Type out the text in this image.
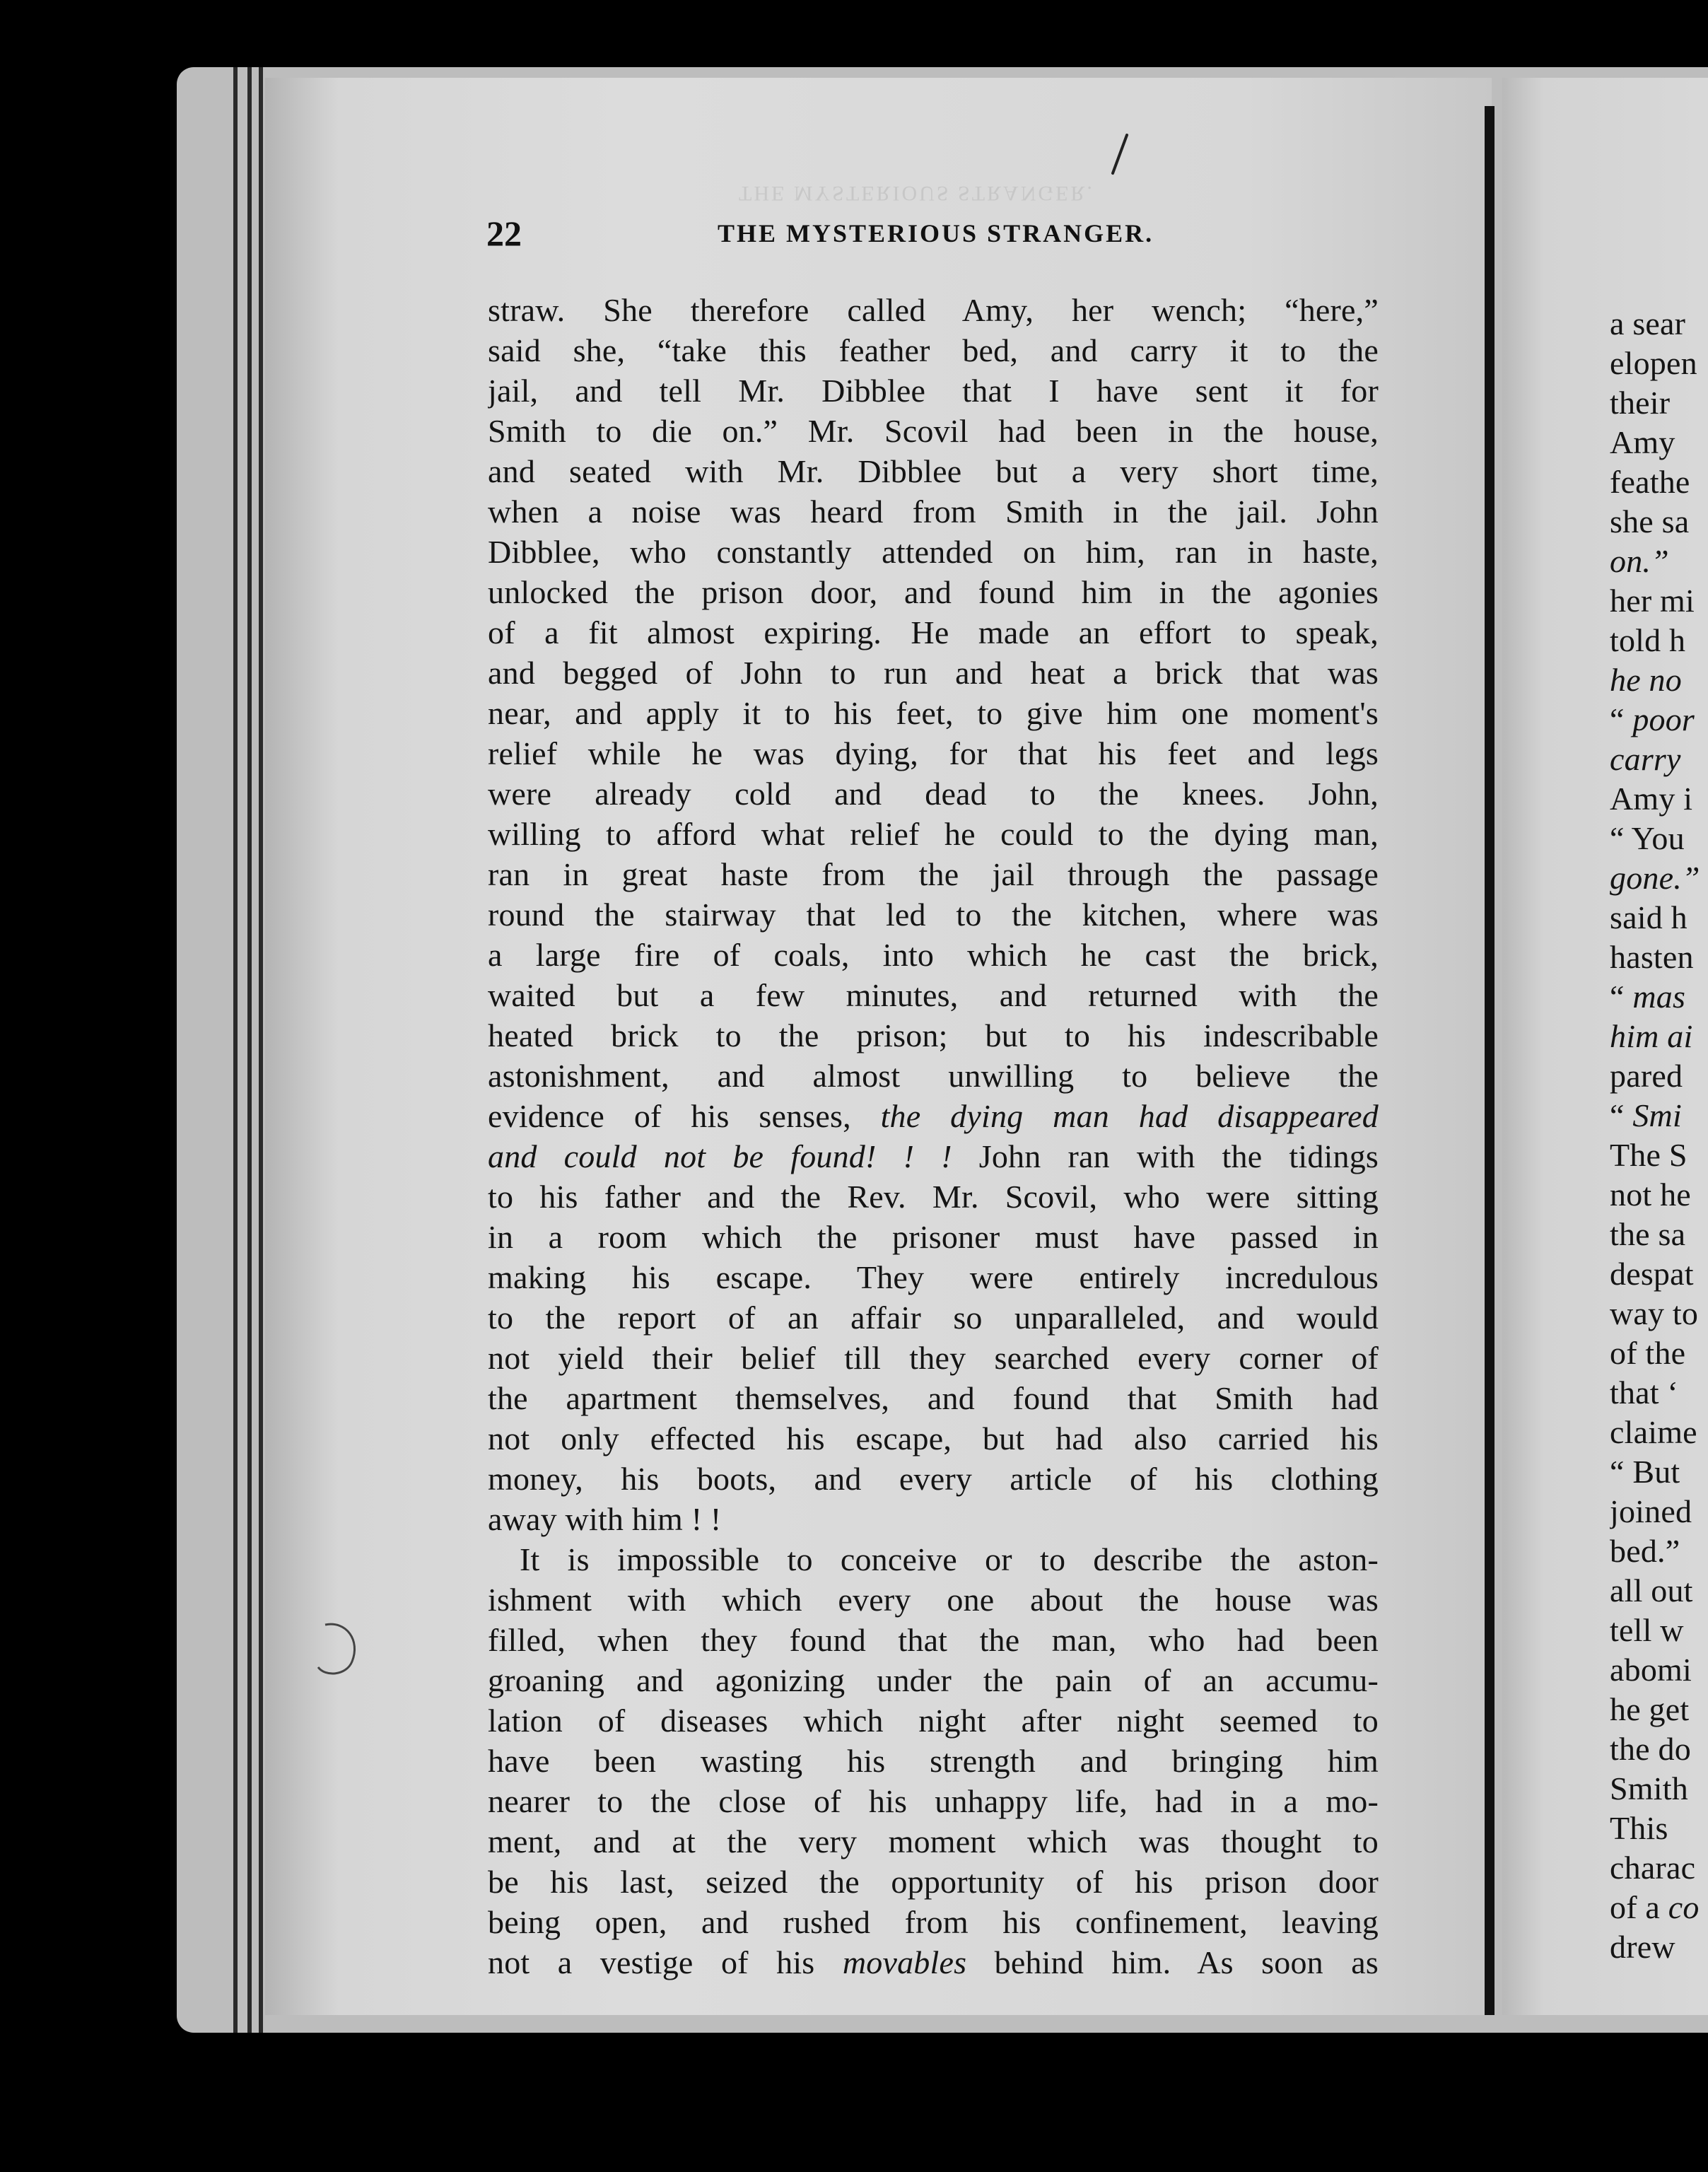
THE MYSTERIOUS STRANGER.
22	THE MYSTERIOUS STRANGER.
straw. She therefore called Amy, her wench; “here,”
said she, “take this feather bed, and carry it to the
jail, and tell Mr. Dibblee that I have sent it for
Smith to die on.” Mr. Scovil had been in the house,
and seated with Mr. Dibblee but a very short time,
when a noise was heard from Smith in the jail. John
Dibblee, who constantly attended on him, ran in haste,
unlocked the prison door, and found him in the agonies
of a fit almost expiring. He made an effort to speak,
and begged of John to run and heat a brick that was
near, and apply it to his feet, to give him one moment's
relief while he was dying, for that his feet and legs
were already cold and dead to the knees. John,
willing to afford what relief he could to the dying man,
ran in great haste from the jail through the passage
round the stairway that led to the kitchen, where was
a large fire of coals, into which he cast the brick,
waited but a few minutes, and returned with the
heated brick to the prison; but to his indescribable
astonishment, and almost unwilling to believe the
evidence of his senses, the dying man had disappeared
and could not be found! ! ! John ran with the tidings
to his father and the Rev. Mr. Scovil, who were sitting
in a room which the prisoner must have passed in
making his escape. They were entirely incredulous
to the report of an affair so unparalleled, and would
not yield their belief till they searched every corner of
the apartment themselves, and found that Smith had
not only effected his escape, but had also carried his
money, his boots, and every article of his clothing
away with him ! !
It is impossible to conceive or to describe the aston-
ishment with which every one about the house was
filled, when they found that the man, who had been
groaning and agonizing under the pain of an accumu-
lation of diseases which night after night seemed to
have been wasting his strength and bringing him
nearer to the close of his unhappy life, had in a mo-
ment, and at the very moment which was thought to
be his last, seized the opportunity of his prison door
being open, and rushed from his confinement, leaving
not a vestige of his movables behind him. As soon as
a sear
elopen
their
Amy
feathe
she sa
on.”
her mi
told h
he no
“ poor
carry
Amy i
“ You
gone.”
said h
hasten
“ mas
him ai
pared
“ Smi
The S
not he
the sa
despat
way to
of the
that ‘
claime
“ But
joined
bed.”
all out
tell w
abomi
he get
the do
Smith
This
charac
of a co
drew
